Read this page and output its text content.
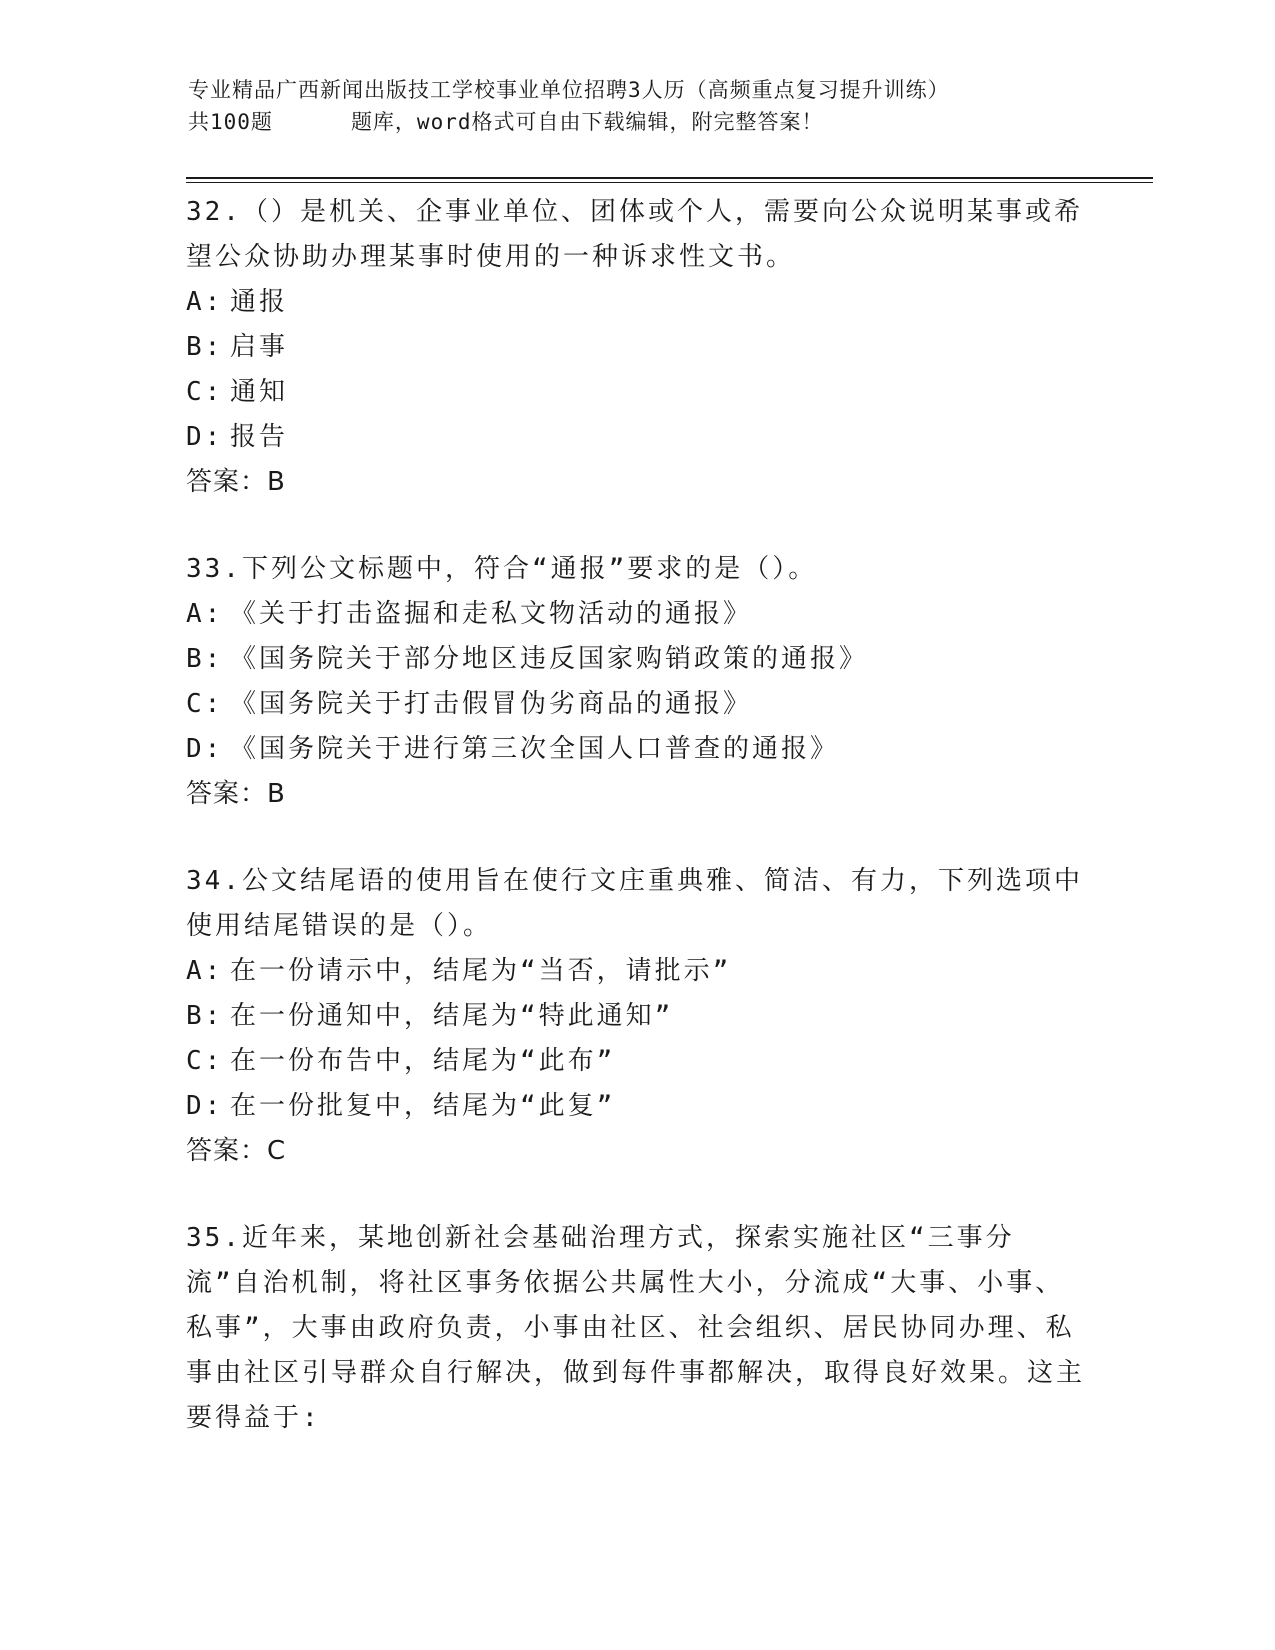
专业精品广西新闻出版技工学校事业单位招聘3人历（高频重点复习提升训练）
共100题	题库，word格式可自由下载编辑，附完整答案！
32.（）是机关、企事业单位、团体或个人，需要向公众说明某事或希望公众协助办理某事时使用的一种诉求性文书。
A: 通报
B: 启事
C: 通知
D: 报告
答案：B
33.下列公文标题中，符合“通报”要求的是（）。
A: 《关于打击盗掘和走私文物活动的通报》
B: 《国务院关于部分地区违反国家购销政策的通报》
C: 《国务院关于打击假冒伪劣商品的通报》
D: 《国务院关于进行第三次全国人口普查的通报》
答案：B
34.公文结尾语的使用旨在使行文庄重典雅、简洁、有力，下列选项中使用结尾错误的是（）。
A: 在一份请示中，结尾为“当否，请批示”
B: 在一份通知中，结尾为“特此通知”
C: 在一份布告中，结尾为“此布”
D: 在一份批复中，结尾为“此复”
答案：C
35.近年来，某地创新社会基础治理方式，探索实施社区“三事分流”自治机制，将社区事务依据公共属性大小，分流成“大事、小事、私事”，大事由政府负责，小事由社区、社会组织、居民协同办理、私事由社区引导群众自行解决，做到每件事都解决，取得良好效果。这主要得益于:
